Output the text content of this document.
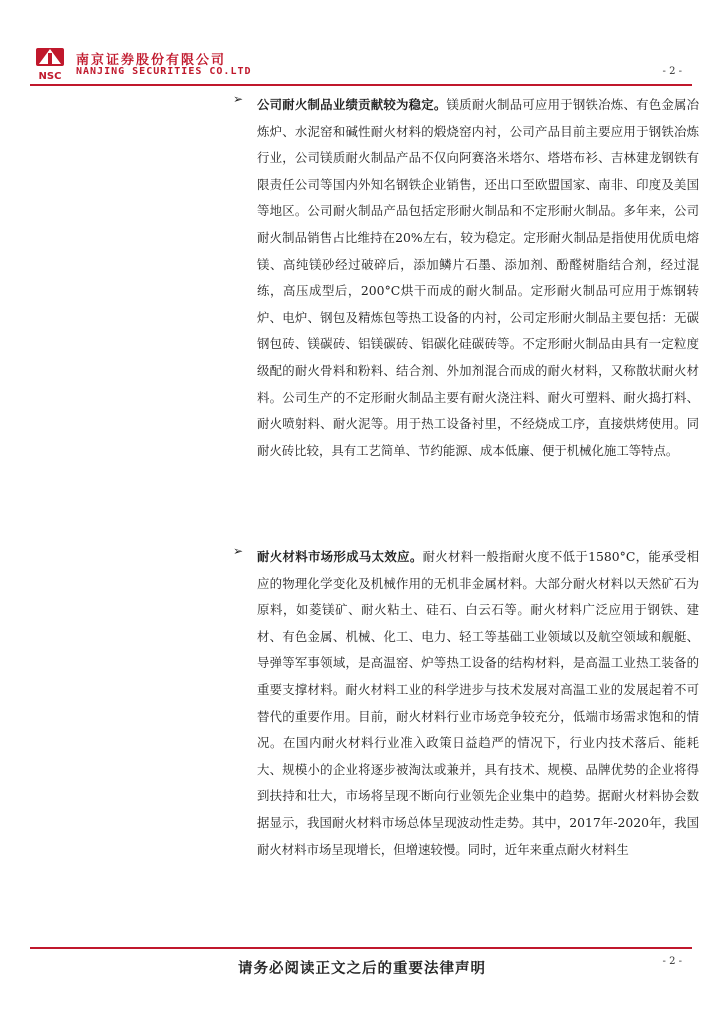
NSC
南京证券股份有限公司
NANJING SECURITIES CO.LTD	- 2 -
➢ 公司耐火制品业绩贡献较为稳定。镁质耐火制品可应用于钢铁冶炼、有色金属冶炼炉、水泥窑和碱性耐火材料的煅烧窑内衬，公司产品目前主要应用于钢铁冶炼行业，公司镁质耐火制品产品不仅向阿赛洛米塔尔、塔塔布衫、吉林建龙钢铁有限责任公司等国内外知名钢铁企业销售，还出口至欧盟国家、南非、印度及美国等地区。公司耐火制品产品包括定形耐火制品和不定形耐火制品。多年来，公司耐火制品销售占比维持在20%左右，较为稳定。定形耐火制品是指使用优质电熔镁、高纯镁砂经过破碎后，添加鳞片石墨、添加剂、酚醛树脂结合剂，经过混练，高压成型后，200°C烘干而成的耐火制品。定形耐火制品可应用于炼钢转炉、电炉、钢包及精炼包等热工设备的内衬，公司定形耐火制品主要包括：无碳钢包砖、镁碳砖、铝镁碳砖、铝碳化硅碳砖等。不定形耐火制品由具有一定粒度级配的耐火骨料和粉料、结合剂、外加剂混合而成的耐火材料，又称散状耐火材料。公司生产的不定形耐火制品主要有耐火浇注料、耐火可塑料、耐火捣打料、耐火喷射料、耐火泥等。用于热工设备衬里，不经烧成工序，直接烘烤使用。同耐火砖比较，具有工艺简单、节约能源、成本低廉、便于机械化施工等特点。

➢ 耐火材料市场形成马太效应。耐火材料一般指耐火度不低于1580°C，能承受相应的物理化学变化及机械作用的无机非金属材料。大部分耐火材料以天然矿石为原料，如菱镁矿、耐火粘土、硅石、白云石等。耐火材料广泛应用于钢铁、建材、有色金属、机械、化工、电力、轻工等基础工业领域以及航空领域和舰艇、导弹等军事领域，是高温窑、炉等热工设备的结构材料，是高温工业热工装备的重要支撑材料。耐火材料工业的科学进步与技术发展对高温工业的发展起着不可替代的重要作用。目前，耐火材料行业市场竞争较充分，低端市场需求饱和的情况。在国内耐火材料行业准入政策日益趋严的情况下，行业内技术落后、能耗大、规模小的企业将逐步被淘汰或兼并，具有技术、规模、品牌优势的企业将得到扶持和壮大，市场将呈现不断向行业领先企业集中的趋势。据耐火材料协会数据显示，我国耐火材料市场总体呈现波动性走势。其中，2017年-2020年，我国耐火材料市场呈现增长，但增速较慢。同时，近年来重点耐火材料生

请务必阅读正文之后的重要法律声明	- 2 -
